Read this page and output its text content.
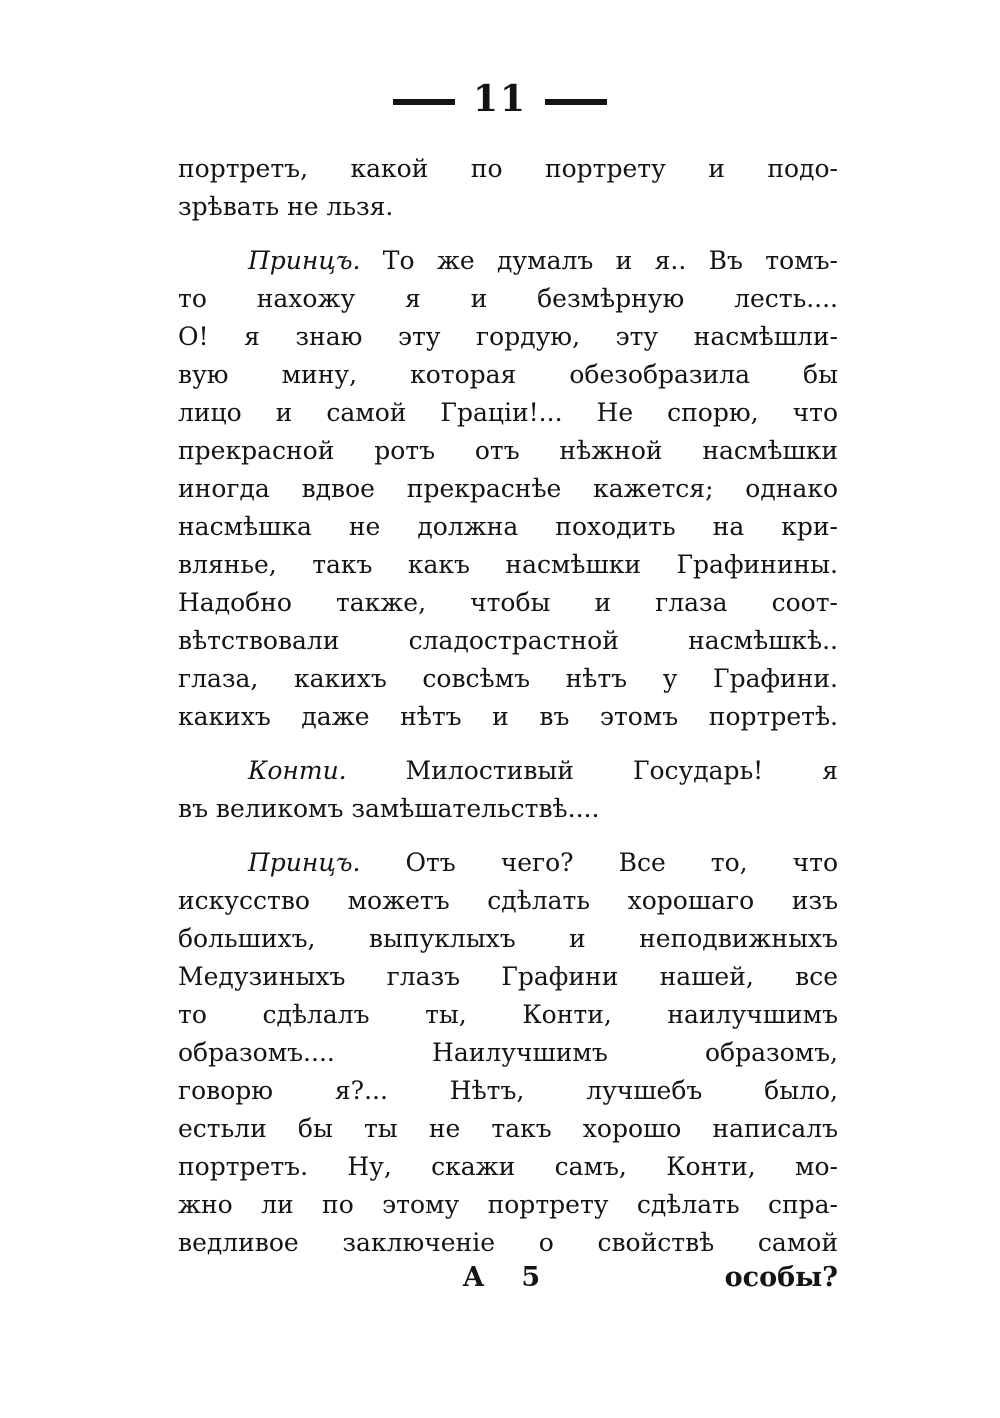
11
портретъ, какой по портрету и подо-
зрѣвать не льзя.
Принцъ. То же думалъ и я.. Въ томъ-
то нахожу я и безмѣрную лесть....
О! я знаю эту гордую, эту насмѣшли-
вую мину, которая обезобразила бы
лицо и самой Граціи!... Не спорю, что
прекрасной ротъ отъ нѣжной насмѣшки
иногда вдвое прекраснѣе кажется; однако
насмѣшка не должна походить на кри-
влянье, такъ какъ насмѣшки Графинины.
Надобно также, чтобы и глаза соот-
вѣтствовали сладострастной насмѣшкѣ..
глаза, какихъ совсѣмъ нѣтъ у Графини.
какихъ даже нѣтъ и въ этомъ портретѣ.
Конти. Милостивый Государь! я
въ великомъ замѣшательствѣ....
Принцъ. Отъ чего? Все то, что
искусство можетъ сдѣлать хорошаго изъ
большихъ, выпуклыхъ и неподвижныхъ
Медузиныхъ глазъ Графини нашей, все
то сдѣлалъ ты, Конти, наилучшимъ
образомъ.... Наилучшимъ образомъ,
говорю я?... Нѣтъ, лучшебъ было,
естьли бы ты не такъ хорошо написалъ
портретъ. Ну, скажи самъ, Конти, мо-
жно ли по этому портрету сдѣлать спра-
ведливое заключеніе о свойствѣ самой
A 5	особы?
